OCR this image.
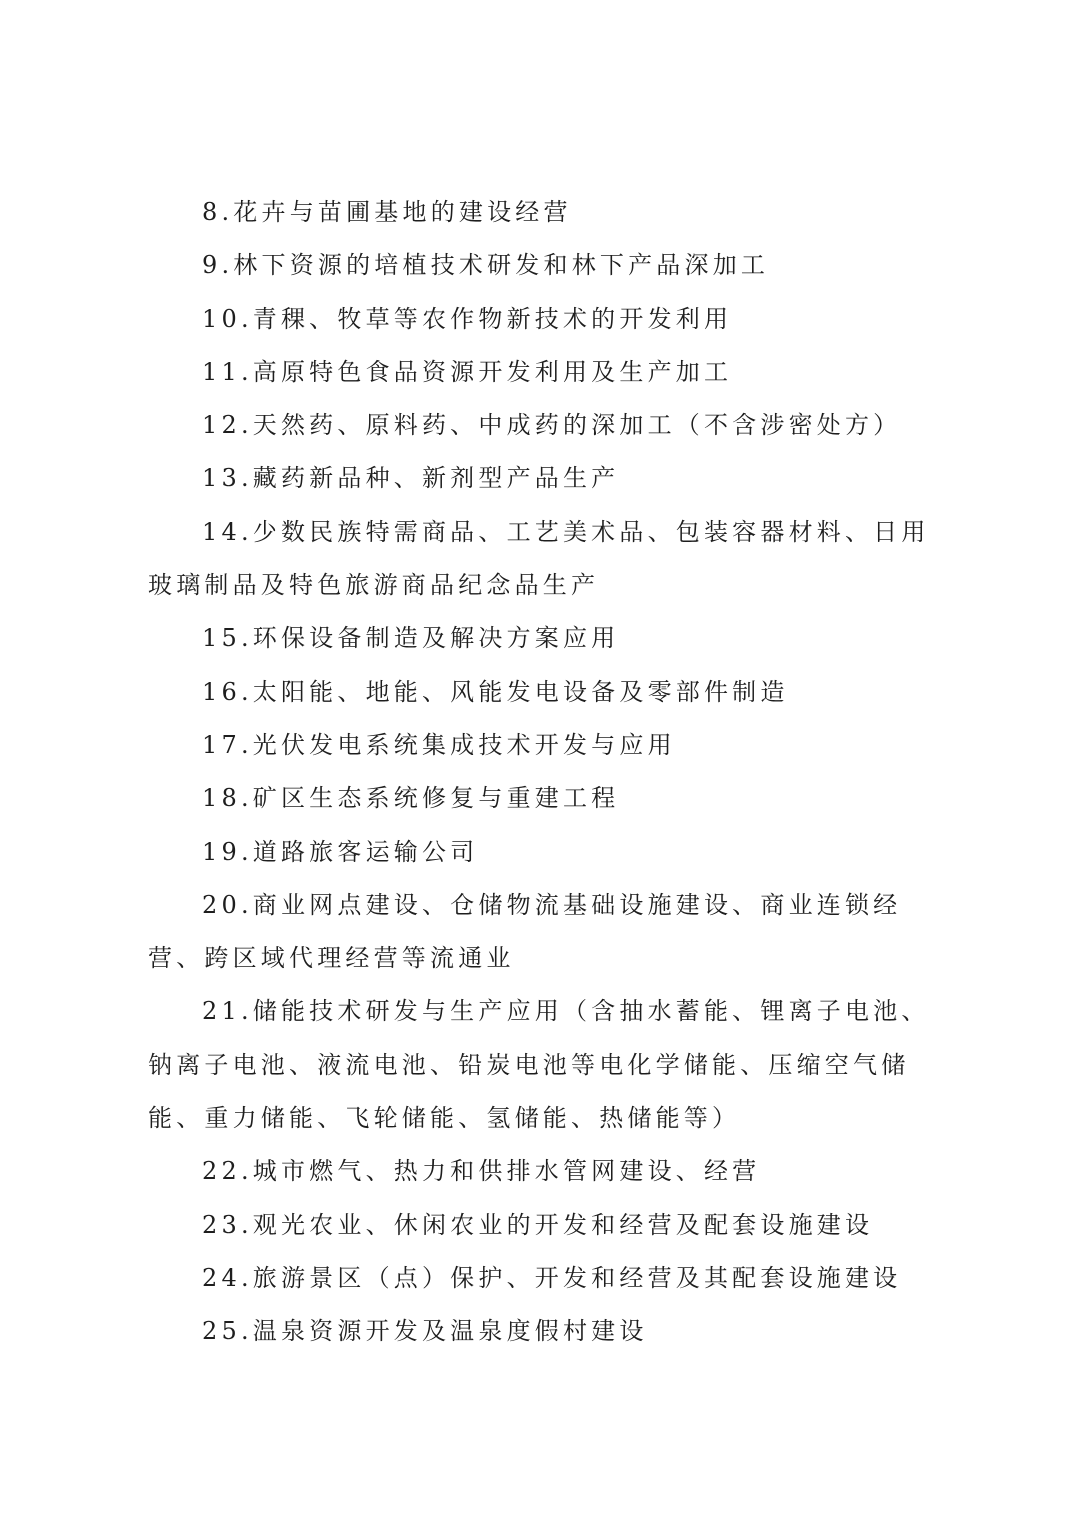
8.花卉与苗圃基地的建设经营

9.林下资源的培植技术研发和林下产品深加工

10.青稞、牧草等农作物新技术的开发利用

11.高原特色食品资源开发利用及生产加工

12.天然药、原料药、中成药的深加工（不含涉密处方）

13.藏药新品种、新剂型产品生产

14.少数民族特需商品、工艺美术品、包装容器材料、日用玻璃制品及特色旅游商品纪念品生产

15.环保设备制造及解决方案应用

16.太阳能、地能、风能发电设备及零部件制造

17.光伏发电系统集成技术开发与应用

18.矿区生态系统修复与重建工程

19.道路旅客运输公司

20.商业网点建设、仓储物流基础设施建设、商业连锁经营、跨区域代理经营等流通业

21.储能技术研发与生产应用（含抽水蓄能、锂离子电池、钠离子电池、液流电池、铅炭电池等电化学储能、压缩空气储能、重力储能、飞轮储能、氢储能、热储能等）

22.城市燃气、热力和供排水管网建设、经营

23.观光农业、休闲农业的开发和经营及配套设施建设

24.旅游景区（点）保护、开发和经营及其配套设施建设

25.温泉资源开发及温泉度假村建设
